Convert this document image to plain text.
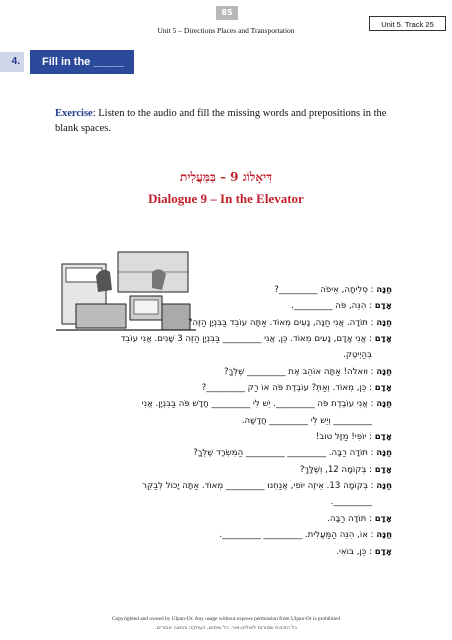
85
Unit 5 – Directions Places and Transportation
Unit 5. Track 25
4.	Fill in the _____
Exercise: Listen to the audio and fill the missing words and prepositions in the blank spaces.
דִּיאָלוֹג 9 – בַּמַּעֲלִית
Dialogue 9 – In the Elevator
חַנָּה : סְלִיחָה, אֵיפֹה _________?
אָדָם : הִנֵּה, פֹּה _________.
חַנָּה : תּוֹדָה. אֲנִי חַנָּה, נָעִים מְאוֹד. אַתָּה עוֹבֵד בַּבִּנְיָן הַזֶּה?
אָדָם : אֲנִי אָדָם, נָעִים מְאוֹד. כֵּן, אֲנִי _________ בַּבִּנְיָן הַזֶּה 3 שָׁנִים. אֲנִי עוֹבֵד
בְּהַיְיטֶק.
חַנָּה : וּואלה! אַתָּה אוֹהֵב אֶת _________ שֶׁלְּךָ?
אָדָם : כֵּן, מְאוֹד. וְאַתְּ? עוֹבֶדֶת פֹּה אוֹ רַק _________?
חַנָּה : אֲנִי עוֹבֶדֶת פֹּה _________. יֵשׁ לִי _________ חָדָשׁ פֹּה בַּבִּנְיָן. אֲנִי
_________ וְיֵשׁ לִי _________ חֲדָשָׁה.
אָדָם : יוֹפִי! מַזָּל טוֹב!
חַנָּה : תּוֹדָה רַבָּה. _________ _________ הַמִּשְׂרָד שֶׁלְּךָ?
אָדָם : בְּקוֹמָה 12, וְשֶׁלָּךְ?
חַנָּה : בְּקוֹמָה 13. אֵיזֶה יוֹפִי, אֲנַחְנוּ _________ מְאוֹד. אַתָּה יָכוֹל לְבַקֵּר
_________.
אָדָם : תּוֹדָה רַבָּה.
חַנָּה : אוֹ, הִנֵּה הַמַּעֲלִית. _________ _________.
אָדָם : כֵּן, בּוֹאִי.
Copyrighted and owned by Ulpan-Or. Any usage without express permission from Ulpan-Or is prohibited
כל הזכויות שמורות לאולפן-אור. כל שימוש, העתקה והפצה אסורים.
